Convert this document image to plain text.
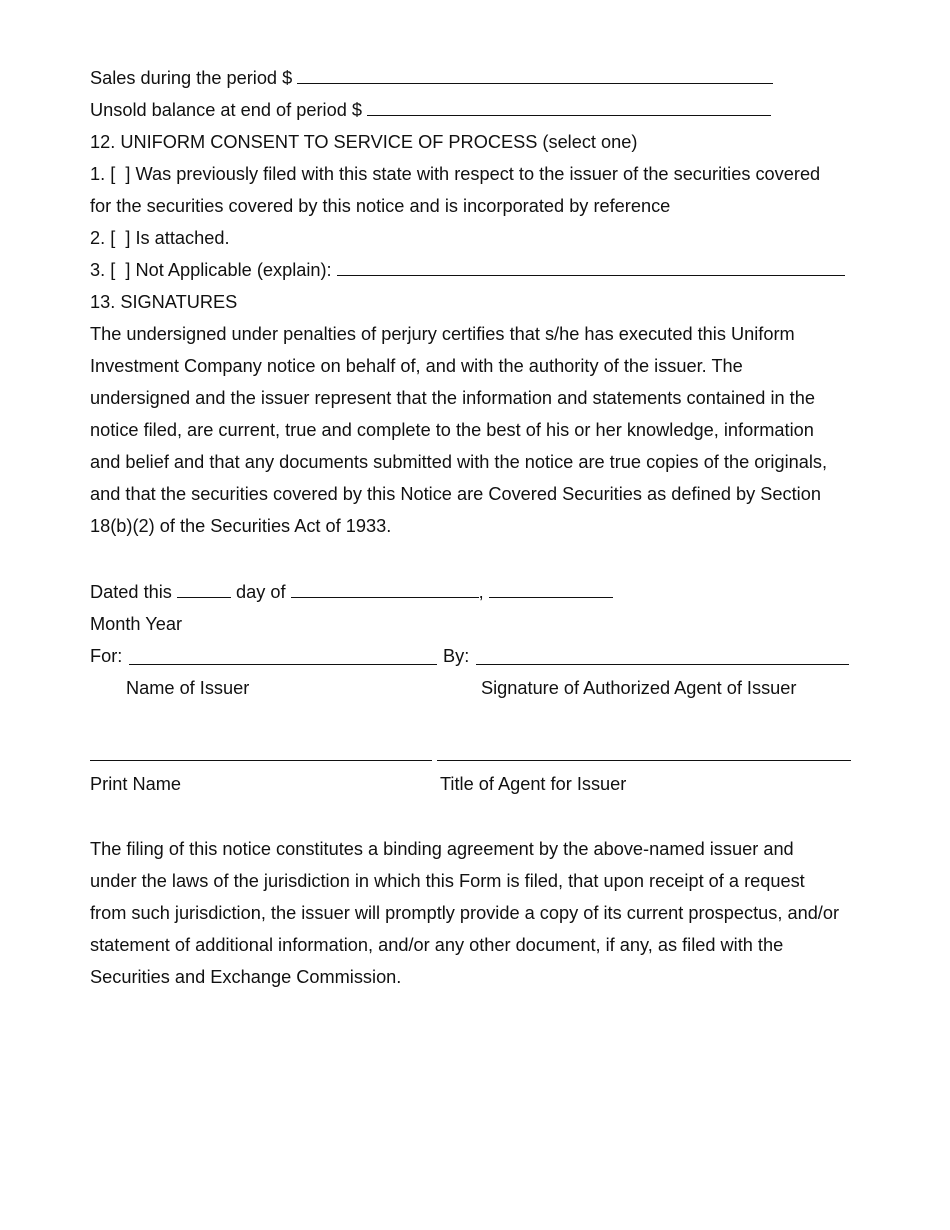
Sales during the period $
Unsold balance at end of period $
12. UNIFORM CONSENT TO SERVICE OF PROCESS (select one)
1. [  ] Was previously filed with this state with respect to the issuer of the securities covered
for the securities covered by this notice and is incorporated by reference
2. [  ] Is attached.
3. [  ] Not Applicable (explain):
13. SIGNATURES
The undersigned under penalties of perjury certifies that s/he has executed this Uniform
Investment Company notice on behalf of, and with the authority of the issuer. The
undersigned and the issuer represent that the information and statements contained in the
notice filed, are current, true and complete to the best of his or her knowledge, information
and belief and that any documents submitted with the notice are true copies of the originals,
and that the securities covered by this Notice are Covered Securities as defined by Section
18(b)(2) of the Securities Act of 1933.
Dated this	day of	,
Month Year
For:	By:
Name of Issuer	Signature of Authorized Agent of Issuer
Print Name	Title of Agent for Issuer
The filing of this notice constitutes a binding agreement by the above-named issuer and
under the laws of the jurisdiction in which this Form is filed, that upon receipt of a request
from such jurisdiction, the issuer will promptly provide a copy of its current prospectus, and/or
statement of additional information, and/or any other document, if any, as filed with the
Securities and Exchange Commission.
